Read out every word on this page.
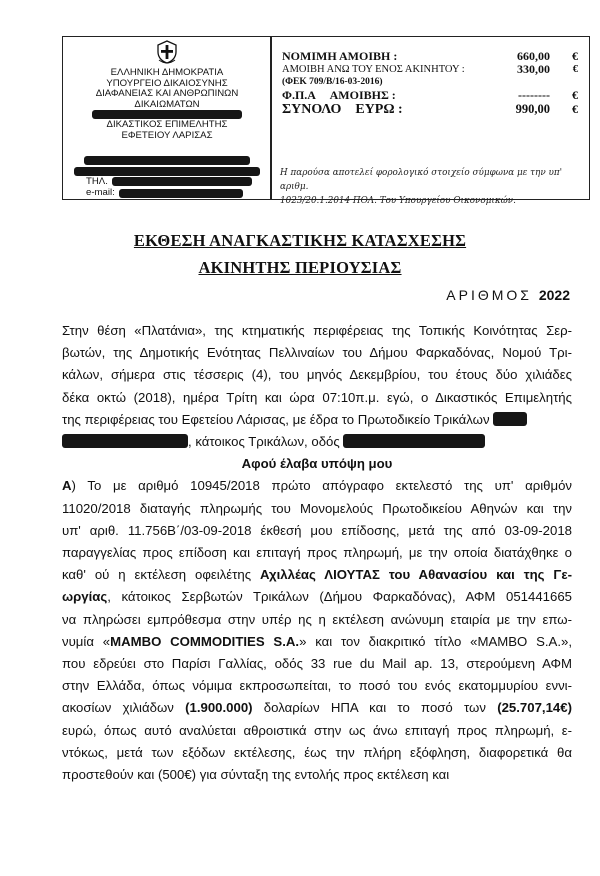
ΕΛΛΗΝΙΚΗ ΔΗΜΟΚΡΑΤΙΑ
ΥΠΟΥΡΓΕΙΟ ΔΙΚΑΙΟΣΥΝΗΣ
ΔΙΑΦΑΝΕΙΑΣ ΚΑΙ ΑΝΘΡΩΠΙΝΩΝ
ΔΙΚΑΙΩΜΑΤΩΝ
ΔΙΚΑΣΤΙΚΟΣ ΕΠΙΜΕΛΗΤΗΣ
ΕΦΕΤΕΙΟΥ ΛΑΡΙΣΑΣ
ΤΗΛ.
e-mail:
ΝΟΜΙΜΗ ΑΜΟΙΒΗ :	660,00 €
ΑΜΟΙΒΗ ΑΝΩ ΤΟΥ ΕΝΟΣ ΑΚΙΝΗΤΟΥ :	330,00 €
(ΦΕΚ 709/Β/16-03-2016)
Φ.Π.Α     ΑΜΟΙΒΗΣ :	-------- €
ΣΥΝΟΛΟ    ΕΥΡΩ :	990,00 €
Η παρούσα αποτελεί φορολογικό στοιχείο σύμφωνα με την υπ' αριθμ.
1023/20.1.2014 ΠΟΛ. Του Υπουργείου Οικονομικών.
ΕΚΘΕΣΗ ΑΝΑΓΚΑΣΤΙΚΗΣ ΚΑΤΑΣΧΕΣΗΣ
ΑΚΙΝΗΤΗΣ ΠΕΡΙΟΥΣΙΑΣ
ΑΡΙΘΜΟΣ 2022
Στην θέση «Πλατάνια», της κτηματικής περιφέρειας της Τοπικής Κοινότητας Σερ-
βωτών, της Δημοτικής Ενότητας Πελλιναίων του Δήμου Φαρκαδόνας, Νομού Τρι-
κάλων, σήμερα στις τέσσερις (4), του μηνός Δεκεμβρίου, του έτους δύο χιλιάδες
δέκα οκτώ (2018), ημέρα Τρίτη και ώρα 07:10π.μ. εγώ, ο Δικαστικός Επιμελητής
της περιφέρειας του Εφετείου Λάρισας, με έδρα το Πρωτοδικείο Τρικάλων
, κάτοικος Τρικάλων, οδός
Αφού έλαβα υπόψη μου
Α) Το με αριθμό 10945/2018 πρώτο απόγραφο εκτελεστό της υπ' αριθμόν
11020/2018 διαταγής πληρωμής του Μονομελούς Πρωτοδικείου Αθηνών και την
υπ' αριθ. 11.756Β΄/03-09-2018 έκθεσή μου επίδοσης, μετά της από 03-09-2018
παραγγελίας προς επίδοση και επιταγή προς πληρωμή, με την οποία διατάχθηκε ο
καθ' ού η εκτέλεση οφειλέτης Αχιλλέας ΛΙΟΥΤΑΣ του Αθανασίου και της Γε-
ωργίας, κάτοικος Σερβωτών Τρικάλων (Δήμου Φαρκαδόνας), ΑΦΜ 051441665
να πληρώσει εμπρόθεσμα στην υπέρ ης η εκτέλεση ανώνυμη εταιρία με την επω-
νυμία «MAMBO COMMODITIES S.A.» και τον διακριτικό τίτλο «MAMBO S.A.»,
που εδρεύει στο Παρίσι Γαλλίας, οδός 33 rue du Mail ap. 13, στερούμενη ΑΦΜ
στην Ελλάδα, όπως νόμιμα εκπροσωπείται, το ποσό του ενός εκατομμυρίου εννι-
ακοσίων χιλιάδων (1.900.000) δολαρίων ΗΠΑ και το ποσό των (25.707,14€)
ευρώ, όπως αυτό αναλύεται αθροιστικά στην ως άνω επιταγή προς πληρωμή, ε-
ντόκως, μετά των εξόδων εκτέλεσης, έως την πλήρη εξόφληση, διαφορετικά θα
προστεθούν και (500€) για σύνταξη της εντολής προς εκτέλεση και
